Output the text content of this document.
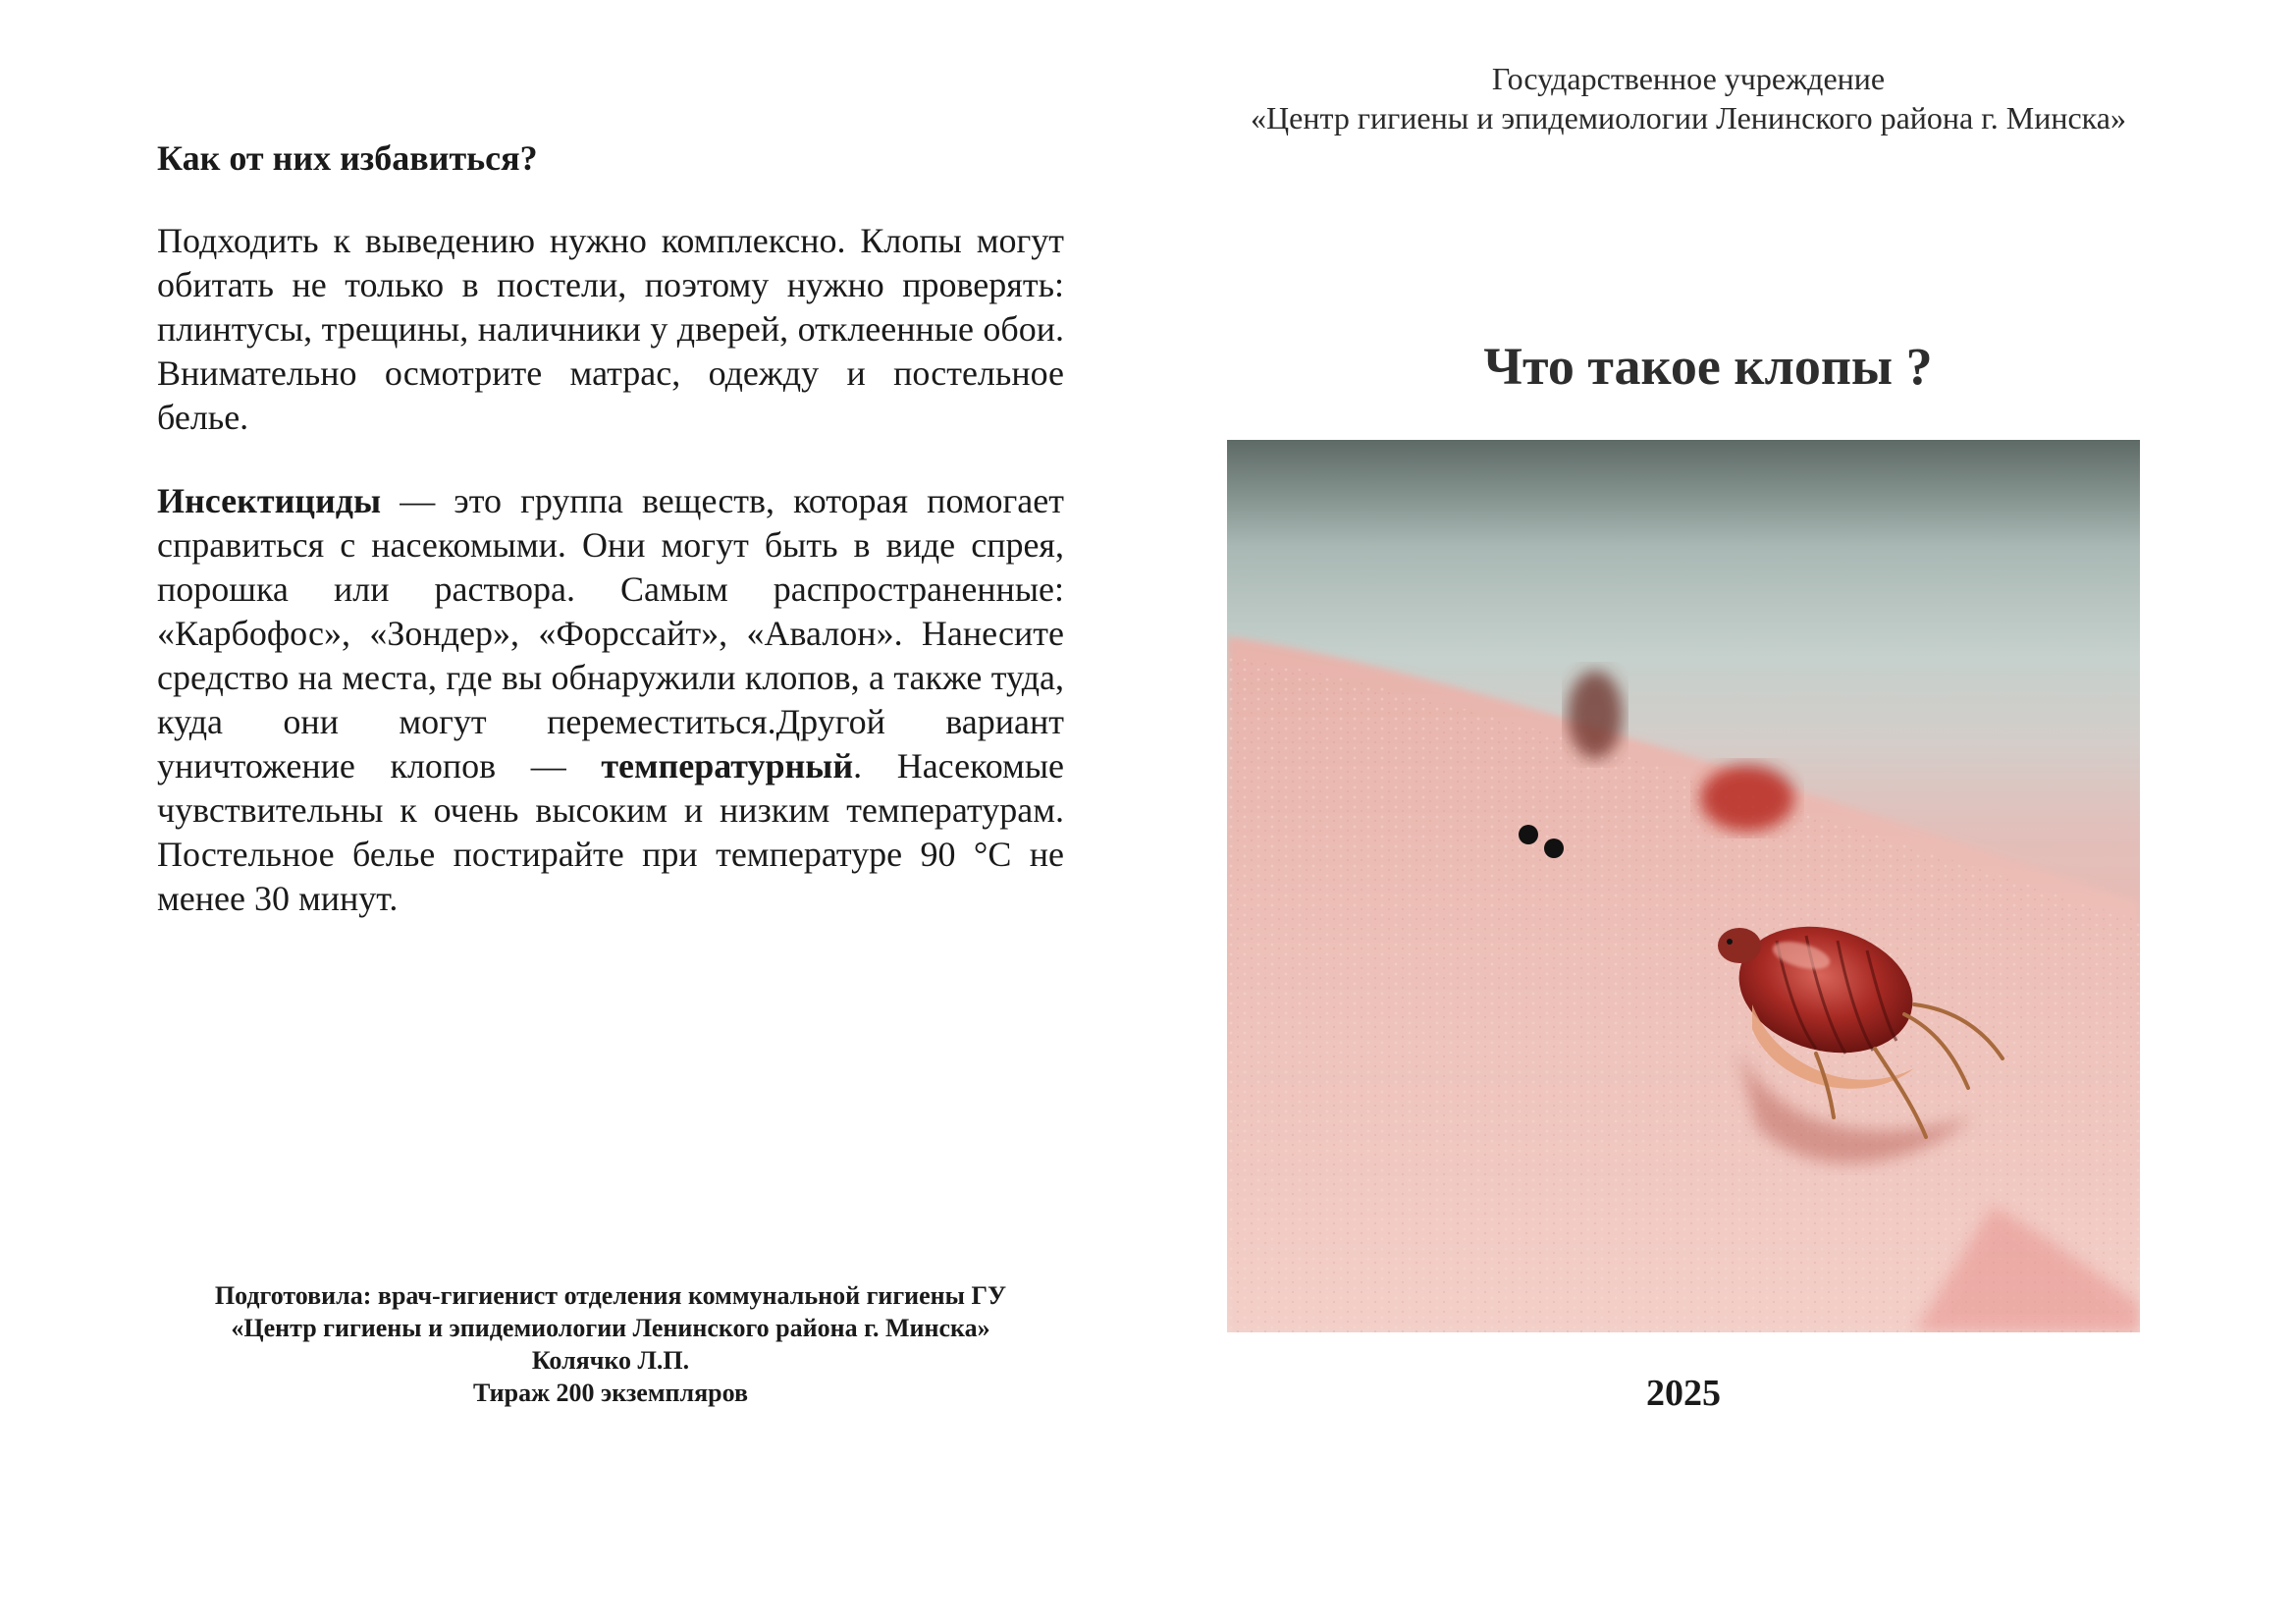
Как от них избавиться?

Подходить к выведению нужно комплексно. Клопы могут обитать не только в постели, поэтому нужно проверять: плинтусы, трещины, наличники у дверей, отклеенные обои. Внимательно осмотрите матрас, одежду и постельное белье.

Инсектициды — это группа веществ, которая помогает справиться с насекомыми. Они могут быть в виде спрея, порошка или раствора. Самым распространенные: «Карбофос», «Зондер», «Форссайт», «Авалон». Нанесите средство на места, где вы обнаружили клопов, а также туда, куда они могут переместиться.Другой вариант уничтожение клопов — температурный. Насекомые чувствительны к очень высоким и низким температурам. Постельное белье постирайте при температуре 90 °C не менее 30 минут.

Подготовила: врач-гигиенист отделения коммунальной гигиены ГУ
«Центр гигиены и эпидемиологии Ленинского района г. Минска»
Колячко Л.П.
Тираж 200 экземпляров
Государственное учреждение
«Центр гигиены и эпидемиологии Ленинского района г. Минска»
Что такое клопы ?
2025
